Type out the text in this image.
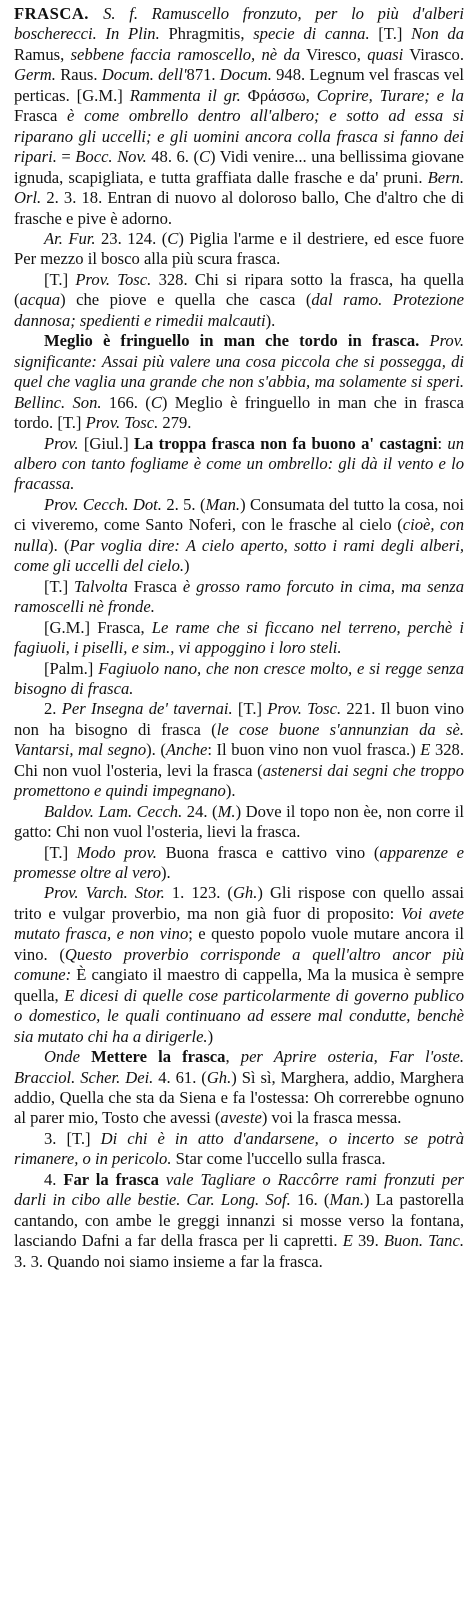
FRASCA. S. f. Ramuscello fronzuto, per lo più d'alberi boscherecci. In Plin. Phragmitis, specie di canna. [T.] Non da Ramus, sebbene faccia ramoscello, nè da Viresco, quasi Virasco. Germ. Raus. Docum. dell'871. Docum. 948. Legnum vel frascas vel perticas. [G.M.] Rammenta il gr. Φράσσω, Coprire, Turare; e la Frasca è come ombrello dentro all'albero; e sotto ad essa si riparano gli uccelli; e gli uomini ancora colla frasca si fanno dei ripari. = Bocc. Nov. 48. 6. (C) Vidi venire... una bellissima giovane ignuda, scapigliata, e tutta graffiata dalle frasche e da' pruni. Bern. Orl. 2. 3. 18. Entran di nuovo al doloroso ballo, Che d'altro che di frasche e pive è adorno.

Ar. Fur. 23. 124. (C) Piglia l'arme e il destriere, ed esce fuore Per mezzo il bosco alla più scura frasca.

[T.] Prov. Tosc. 328. Chi si ripara sotto la frasca, ha quella (acqua) che piove e quella che casca (dal ramo. Protezione dannosa; spedienti e rimedii malcauti).

Meglio è fringuello in man che tordo in frasca. Prov. significante: Assai più valere una cosa piccola che si possegga, di quel che vaglia una grande che non s'abbia, ma solamente si speri. Bellinc. Son. 166. (C) Meglio è fringuello in man che in frasca tordo. [T.] Prov. Tosc. 279.

Prov. [Giul.] La troppa frasca non fa buono a' castagni: un albero con tanto fogliame è come un ombrello: gli dà il vento e lo fracassa.

Prov. Cecch. Dot. 2. 5. (Man.) Consumata del tutto la cosa, noi ci viveremo, come Santo Noferi, con le frasche al cielo (cioè, con nulla). (Par voglia dire: A cielo aperto, sotto i rami degli alberi, come gli uccelli del cielo.)

[T.] Talvolta Frasca è grosso ramo forcuto in cima, ma senza ramoscelli nè fronde.

[G.M.] Frasca, Le rame che si ficcano nel terreno, perchè i fagiuoli, i piselli, e sim., vi appoggino i loro steli.

[Palm.] Fagiuolo nano, che non cresce molto, e si regge senza bisogno di frasca.

2. Per Insegna de' tavernai. [T.] Prov. Tosc. 221. Il buon vino non ha bisogno di frasca (le cose buone s'annunzian da sè. Vantarsi, mal segno). (Anche: Il buon vino non vuol frasca.) E 328. Chi non vuol l'osteria, levi la frasca (astenersi dai segni che troppo promettono e quindi impegnano).

Baldov. Lam. Cecch. 24. (M.) Dove il topo non èe, non corre il gatto: Chi non vuol l'osteria, lievi la frasca.

[T.] Modo prov. Buona frasca e cattivo vino (apparenze e promesse oltre al vero).

Prov. Varch. Stor. 1. 123. (Gh.) Gli rispose con quello assai trito e vulgar proverbio, ma non già fuor di proposito: Voi avete mutato frasca, e non vino; e questo popolo vuole mutare ancora il vino. (Questo proverbio corrisponde a quell'altro ancor più comune: È cangiato il maestro di cappella, Ma la musica è sempre quella, E dicesi di quelle cose particolarmente di governo publico o domestico, le quali continuano ad essere mal condutte, benchè sia mutato chi ha a dirigerle.)

Onde Mettere la frasca, per Aprire osteria, Far l'oste. Bracciol. Scher. Dei. 4. 61. (Gh.) Sì sì, Marghera, addio, Marghera addio, Quella che sta da Siena e fa l'ostessa: Oh correrebbe ognuno al parer mio, Tosto che avessi (aveste) voi la frasca messa.

3. [T.] Di chi è in atto d'andarsene, o incerto se potrà rimanere, o in pericolo. Star come l'uccello sulla frasca.

4. Far la frasca vale Tagliare o Raccôrre rami fronzuti per darli in cibo alle bestie. Car. Long. Sof. 16. (Man.) La pastorella cantando, con ambe le greggi innanzi si mosse verso la fontana, lasciando Dafni a far della frasca per li capretti. E 39. Buon. Tanc. 3. 3. Quando noi siamo insieme a far la frasca.
